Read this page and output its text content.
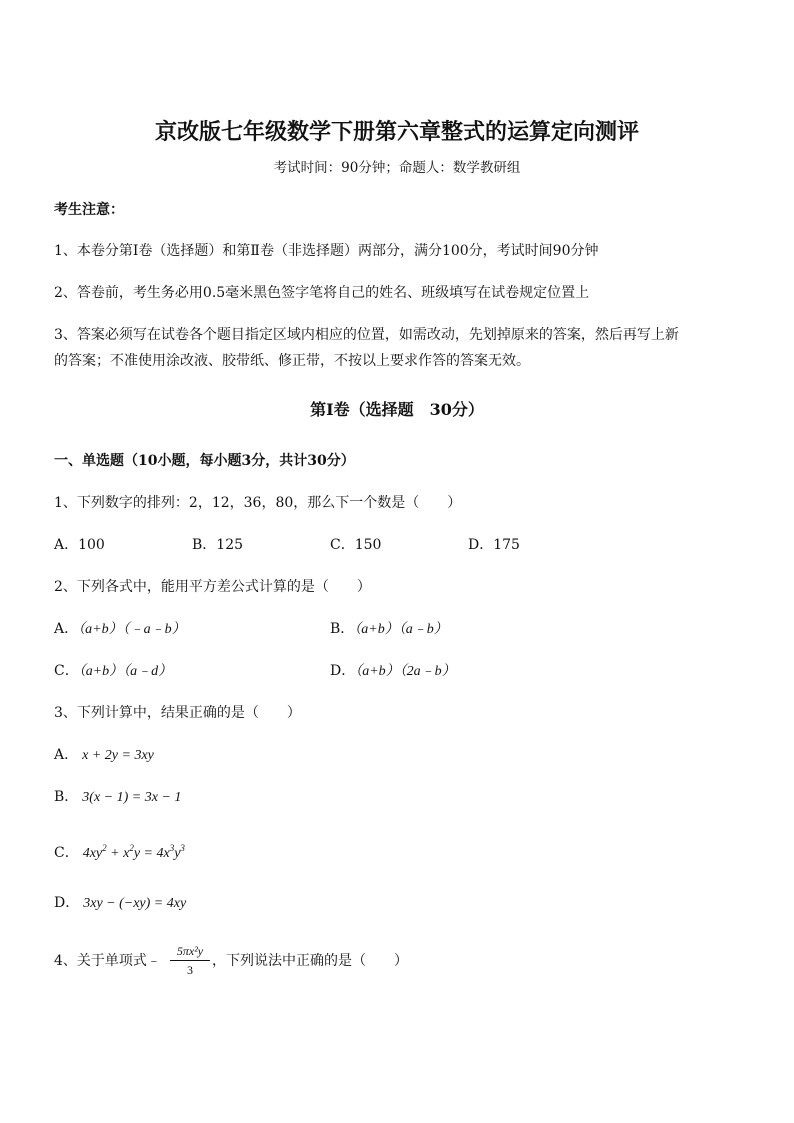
京改版七年级数学下册第六章整式的运算定向测评
考试时间：90分钟；命题人：数学教研组
考生注意：
1、本卷分第Ⅰ卷（选择题）和第Ⅱ卷（非选择题）两部分，满分100分，考试时间90分钟
2、答卷前，考生务必用0.5毫米黑色签字笔将自己的姓名、班级填写在试卷规定位置上
3、答案必须写在试卷各个题目指定区域内相应的位置，如需改动，先划掉原来的答案，然后再写上新
的答案；不准使用涂改液、胶带纸、修正带，不按以上要求作答的答案无效。
第Ⅰ卷（选择题　30分）
一、单选题（10小题，每小题3分，共计30分）
1、下列数字的排列：2，12，36，80，那么下一个数是（　　）
A．100	B．125	C．150	D．175
2、下列各式中，能用平方差公式计算的是（　　）
A．（a+b）（﹣a﹣b）	B．（a+b）（a﹣b）
C．（a+b）（a﹣d）	D．（a+b）（2a﹣b）
3、下列计算中，结果正确的是（　　）
A． x + 2y = 3xy
B． 3(x − 1) = 3x − 1
C． $4xy^2 + x^2y = 4x^3y^3$
D． 3xy − (−xy) = 4xy
4、关于单项式﹣ $\frac{\text{5πx²y}}{3}$ ，下列说法中正确的是（　　）
